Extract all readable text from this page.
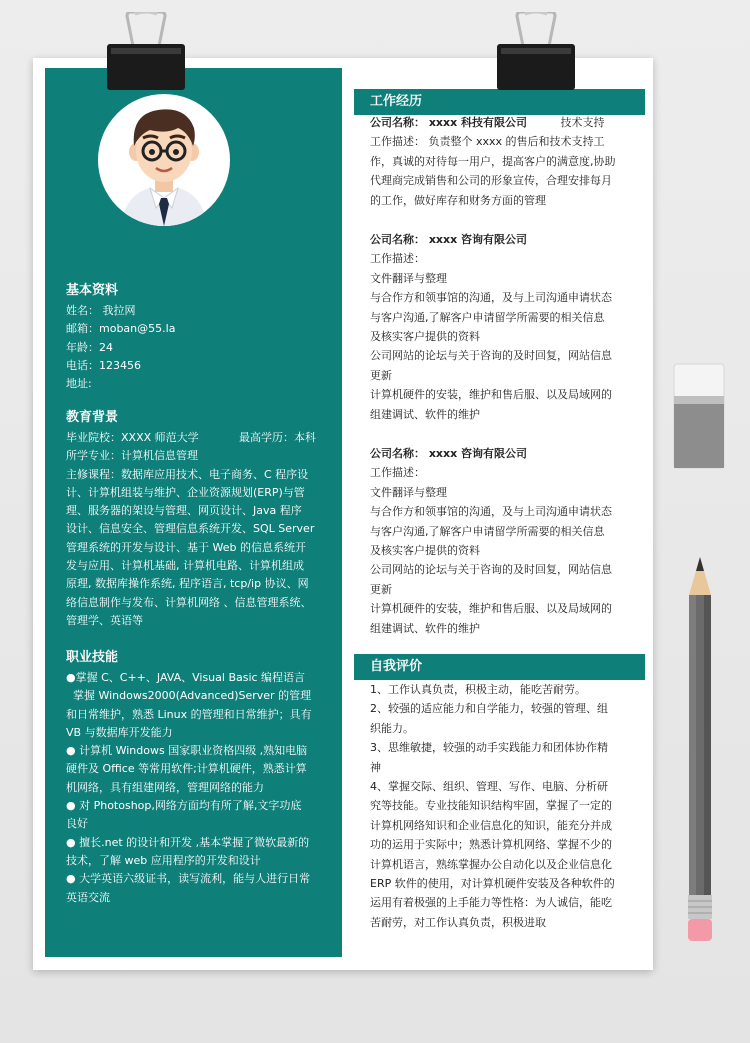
基本资料

姓名： 我拉网

邮箱：moban@55.la

年龄：24

电话：123456

地址:

教育背景

毕业院校：XXXX 师范大学	最高学历：本科

所学专业：计算机信息管理

主修课程：数据库应用技术、电子商务、C 程序设

计、计算机组装与维护、企业资源规划(ERP)与管

理、服务器的架设与管理、网页设计、Java 程序

设计、信息安全、管理信息系统开发、SQL Server

管理系统的开发与设计、基于 Web 的信息系统开

发与应用、计算机基础, 计算机电路、计算机组成

原理, 数据库操作系统, 程序语言, tcp/ip 协议、网

络信息制作与发布、计算机网络 、信息管理系统、

管理学、英语等

职业技能

●掌握 C、C++、JAVA、Visual Basic 编程语言

掌握 Windows2000(Advanced)Server 的管理

和日常维护，熟悉 Linux 的管理和日常维护；具有

VB 与数据库开发能力

● 计算机 Windows 国家职业资格四级 ,熟知电脑

硬件及 Office 等常用软件;计算机硬件，熟悉计算

机网络，具有组建网络，管理网络的能力

● 对 Photoshop,网络方面均有所了解,文字功底

良好

● 擅长.net 的设计和开发 ,基本掌握了微软最新的

技术，了解 web 应用程序的开发和设计

● 大学英语六级证书，读写流利，能与人进行日常

英语交流

工作经历

公司名称： xxxx 科技有限公司	技术支持

工作描述： 负责整个 xxxx 的售后和技术支持工

作，真诚的对待每一用户，提高客户的满意度,协助

代理商完成销售和公司的形象宣传，合理安排每月

的工作，做好库存和财务方面的管理

公司名称： xxxx 咨询有限公司

工作描述：

文件翻译与整理

与合作方和领事馆的沟通，及与上司沟通申请状态

与客户沟通,了解客户申请留学所需要的相关信息

及核实客户提供的资料

公司网站的论坛与关于咨询的及时回复，网站信息

更新

计算机硬件的安装，维护和售后服、以及局域网的

组建调试、软件的维护

公司名称： xxxx 咨询有限公司

工作描述：

文件翻译与整理

与合作方和领事馆的沟通，及与上司沟通申请状态

与客户沟通,了解客户申请留学所需要的相关信息

及核实客户提供的资料

公司网站的论坛与关于咨询的及时回复，网站信息

更新

计算机硬件的安装，维护和售后服、以及局域网的

组建调试、软件的维护

自我评价

1、工作认真负责，积极主动，能吃苦耐劳。

2、较强的适应能力和自学能力，较强的管理、组

织能力。

3、思维敏捷，较强的动手实践能力和团体协作精

神

4、掌握交际、组织、管理、写作、电脑、分析研

究等技能。专业技能知识结构牢固，掌握了一定的

计算机网络知识和企业信息化的知识，能充分并成

功的运用于实际中；熟悉计算机网络、掌握不少的

计算机语言，熟练掌握办公自动化以及企业信息化

ERP 软件的使用，对计算机硬件安装及各种软件的

运用有着极强的上手能力等性格：为人诚信，能吃

苦耐劳，对工作认真负责，积极进取
